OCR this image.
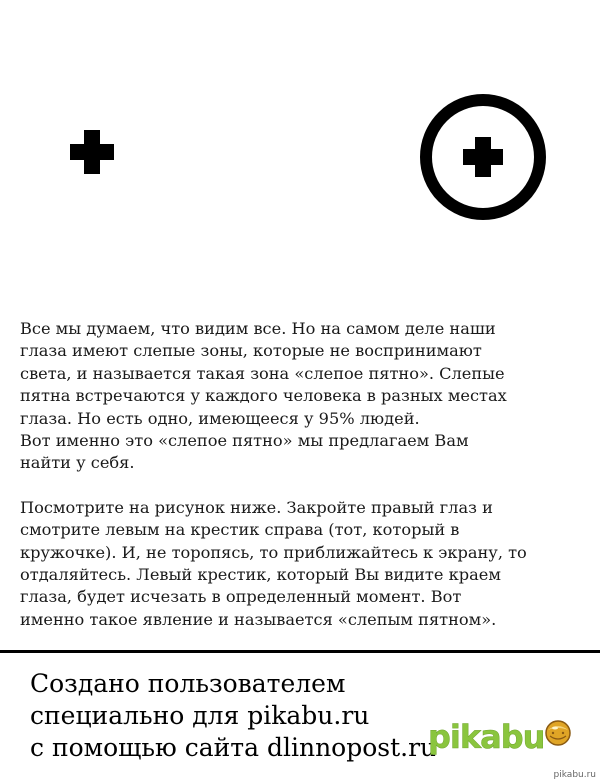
Все мы думаем, что видим все. Но на самом деле наши
глаза имеют слепые зоны, которые не воспринимают
света, и называется такая зона «слепое пятно». Слепые
пятна встречаются у каждого человека в разных местах
глаза. Но есть одно, имеющееся у 95% людей.
Вот именно это «слепое пятно» мы предлагаем Вам
найти у себя.

Посмотрите на рисунок ниже. Закройте правый глаз и
смотрите левым на крестик справа (тот, который в
кружочке). И, не торопясь, то приближайтесь к экрану, то
отдаляйтесь. Левый крестик, который Вы видите краем
глаза, будет исчезать в определенный момент. Вот
именно такое явление и называется «слепым пятном».

Создано пользователем
специально для pikabu.ru
с помощью сайта dlinnopost.ru
pikabu
pikabu.ru
